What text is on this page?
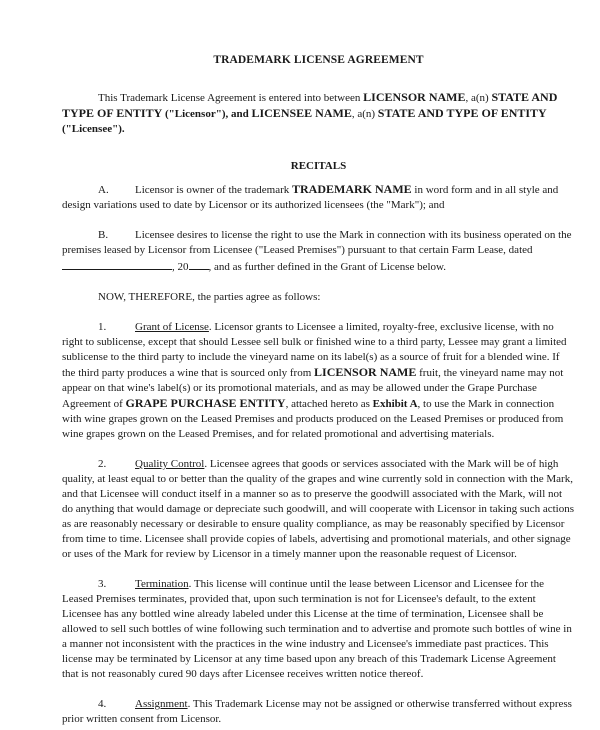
TRADEMARK LICENSE AGREEMENT

This Trademark License Agreement is entered into between LICENSOR NAME, a(n) STATE AND TYPE OF ENTITY ("Licensor"), and LICENSEE NAME, a(n) STATE AND TYPE OF ENTITY ("Licensee").

RECITALS

A. Licensor is owner of the trademark TRADEMARK NAME in word form and in all style and design variations used to date by Licensor or its authorized licensees (the "Mark"); and

B. Licensee desires to license the right to use the Mark in connection with its business operated on the premises leased by Licensor from Licensee ("Leased Premises") pursuant to that certain Farm Lease, dated , 20 , and as further defined in the Grant of License below.

NOW, THEREFORE, the parties agree as follows:

1.	Grant of License. Licensor grants to Licensee a limited, royalty-free, exclusive license, with no right to sublicense, except that should Lessee sell bulk or finished wine to a third party, Lessee may grant a limited sublicense to the third party to include the vineyard name on its label(s) as a source of fruit for a blended wine. If the third party produces a wine that is sourced only from LICENSOR NAME fruit, the vineyard name may not appear on that wine's label(s) or its promotional materials, and as may be allowed under the Grape Purchase Agreement of GRAPE PURCHASE ENTITY, attached hereto as Exhibit A, to use the Mark in connection with wine grapes grown on the Leased Premises and products produced on the Leased Premises or produced from wine grapes grown on the Leased Premises, and for related promotional and advertising materials.

2.	Quality Control. Licensee agrees that goods or services associated with the Mark will be of high quality, at least equal to or better than the quality of the grapes and wine currently sold in connection with the Mark, and that Licensee will conduct itself in a manner so as to preserve the goodwill associated with the Mark, will not do anything that would damage or depreciate such goodwill, and will cooperate with Licensor in taking such actions as are reasonably necessary or desirable to ensure quality compliance, as may be reasonably specified by Licensor from time to time. Licensee shall provide copies of labels, advertising and promotional materials, and other signage or uses of the Mark for review by Licensor in a timely manner upon the reasonable request of Licensor.

3.	Termination. This license will continue until the lease between Licensor and Licensee for the Leased Premises terminates, provided that, upon such termination is not for Licensee's default, to the extent Licensee has any bottled wine already labeled under this License at the time of termination, Licensee shall be allowed to sell such bottles of wine following such termination and to advertise and promote such bottles of wine in a manner not inconsistent with the practices in the wine industry and Licensee's immediate past practices. This license may be terminated by Licensor at any time based upon any breach of this Trademark License Agreement that is not reasonably cured 90 days after Licensee receives written notice thereof.

4.	Assignment. This Trademark License may not be assigned or otherwise transferred without express prior written consent from Licensor.
